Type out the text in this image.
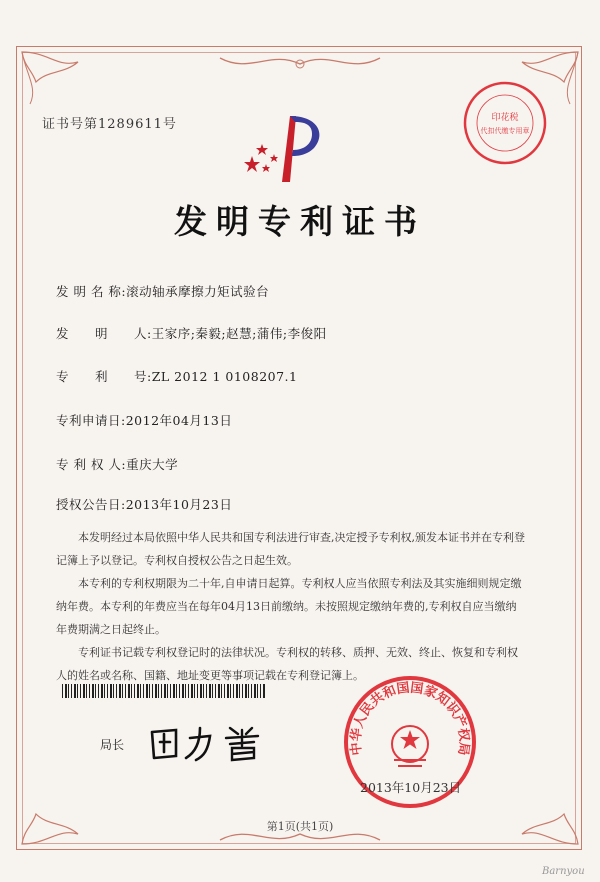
证书号第1289611号	印花税
代扣代缴专用章
发明专利证书
发 明 名 称:滚动轴承摩擦力矩试验台
发　　明　　人:王家序;秦毅;赵慧;蒲伟;李俊阳
专　　利　　号:ZL 2012 1 0108207.1
专利申请日:2012年04月13日
专 利 权 人:重庆大学
授权公告日:2013年10月23日

本发明经过本局依照中华人民共和国专利法进行审查,决定授予专利权,颁发本证书并在专利登记簿上予以登记。专利权自授权公告之日起生效。

本专利的专利权期限为二十年,自申请日起算。专利权人应当依照专利法及其实施细则规定缴纳年费。本专利的年费应当在每年04月13日前缴纳。未按照规定缴纳年费的,专利权自应当缴纳年费期满之日起终止。

专利证书记载专利权登记时的法律状况。专利权的转移、质押、无效、终止、恢复和专利权人的姓名或名称、国籍、地址变更等事项记载在专利登记簿上。

局长	中华人民共和国国家知识产权局
2013年10月23日
第1页(共1页)
Barnyou
